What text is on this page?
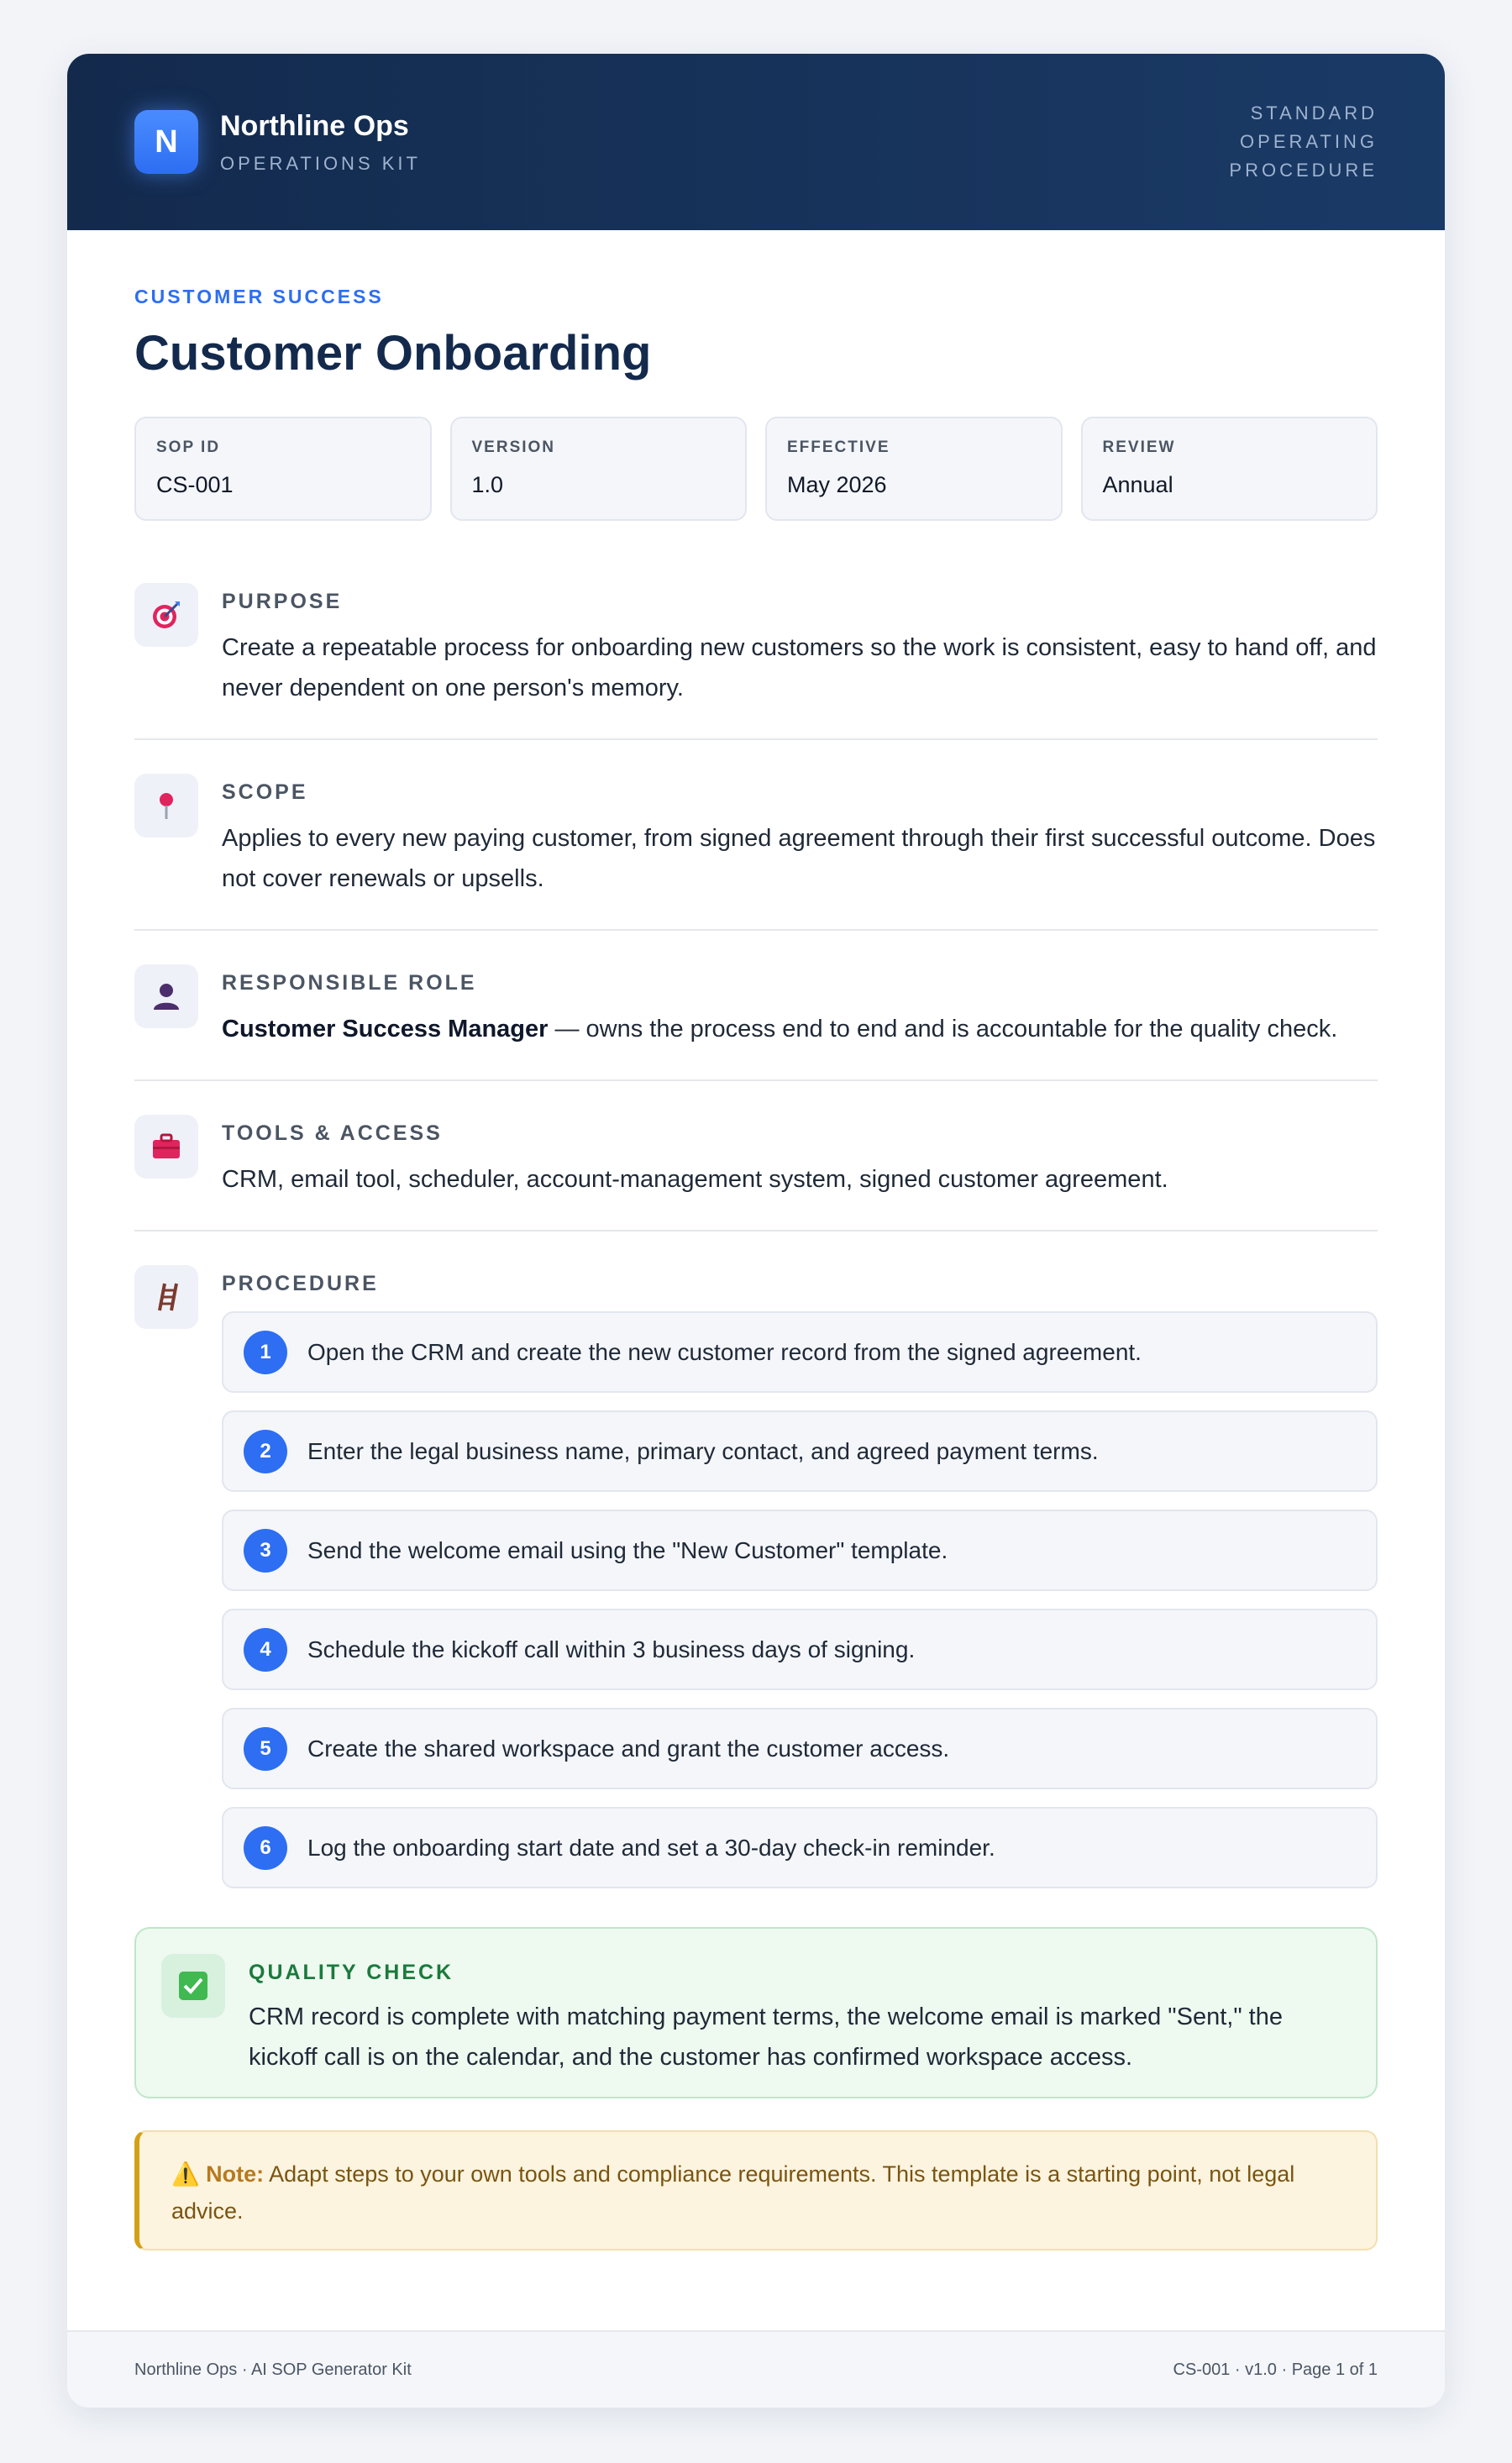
N	Northline Ops
OPERATIONS KIT
STANDARD OPERATING PROCEDURE
CUSTOMER SUCCESS
Customer Onboarding
SOP ID
CS-001
VERSION
1.0
EFFECTIVE
May 2026
REVIEW
Annual
PURPOSE
Create a repeatable process for onboarding new customers so the work is consistent, easy to hand off, and never dependent on one person's memory.
SCOPE
Applies to every new paying customer, from signed agreement through their first successful outcome. Does not cover renewals or upsells.
RESPONSIBLE ROLE
Customer Success Manager — owns the process end to end and is accountable for the quality check.
TOOLS & ACCESS
CRM, email tool, scheduler, account-management system, signed customer agreement.
PROCEDURE
1	Open the CRM and create the new customer record from the signed agreement.
2	Enter the legal business name, primary contact, and agreed payment terms.
3	Send the welcome email using the "New Customer" template.
4	Schedule the kickoff call within 3 business days of signing.
5	Create the shared workspace and grant the customer access.
6	Log the onboarding start date and set a 30-day check-in reminder.
QUALITY CHECK
CRM record is complete with matching payment terms, the welcome email is marked "Sent," the kickoff call is on the calendar, and the customer has confirmed workspace access.
⚠️ Note: Adapt steps to your own tools and compliance requirements. This template is a starting point, not legal advice.
Northline Ops · AI SOP Generator Kit	CS-001 · v1.0 · Page 1 of 1
